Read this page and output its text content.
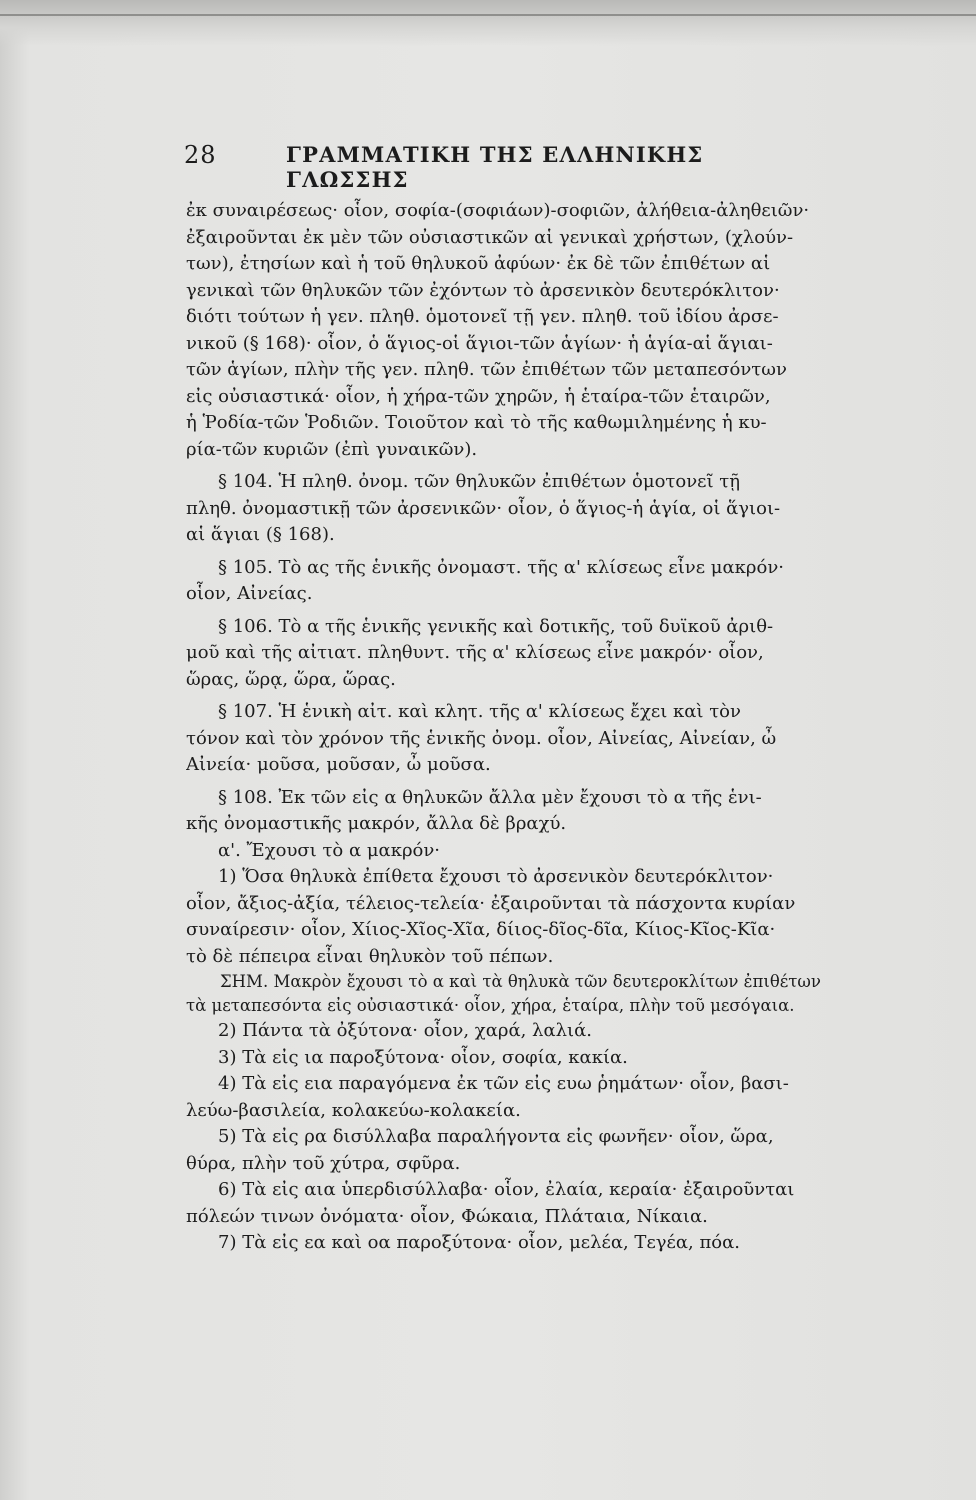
28	ΓΡΑΜΜΑΤΙΚΗ ΤΗΣ ΕΛΛΗΝΙΚΗΣ ΓΛΩΣΣΗΣ
ἐκ συναιρέσεως· οἷον, σοφία-(σοφιάων)-σοφιῶν, ἀλήθεια-ἀληθειῶν·
ἐξαιροῦνται ἐκ μὲν τῶν οὐσιαστικῶν αἱ γενικαὶ χρήστων, (χλούν-
των), ἐτησίων καὶ ἡ τοῦ θηλυκοῦ ἀφύων· ἐκ δὲ τῶν ἐπιθέτων αἱ
γενικαὶ τῶν θηλυκῶν τῶν ἐχόντων τὸ ἀρσενικὸν δευτερόκλιτον·
διότι τούτων ἡ γεν. πληθ. ὁμοτονεῖ τῇ γεν. πληθ. τοῦ ἰδίου ἀρσε-
νικοῦ (§ 168)· οἷον, ὁ ἅγιος-οἱ ἅγιοι-τῶν ἁγίων· ἡ ἁγία-αἱ ἅγιαι-
τῶν ἁγίων, πλὴν τῆς γεν. πληθ. τῶν ἐπιθέτων τῶν μεταπεσόντων
εἰς οὐσιαστικά· οἷον, ἡ χήρα-τῶν χηρῶν, ἡ ἑταίρα-τῶν ἑταιρῶν,
ἡ Ῥοδία-τῶν Ῥοδιῶν. Τοιοῦτον καὶ τὸ τῆς καθωμιλημένης ἡ κυ-
ρία-τῶν κυριῶν (ἐπὶ γυναικῶν).
§ 104. Ἡ πληθ. ὀνομ. τῶν θηλυκῶν ἐπιθέτων ὁμοτονεῖ τῇ
πληθ. ὀνομαστικῇ τῶν ἀρσενικῶν· οἷον, ὁ ἅγιος-ἡ ἁγία, οἱ ἅγιοι-
αἱ ἅγιαι (§ 168).
§ 105. Τὸ ας τῆς ἑνικῆς ὀνομαστ. τῆς α' κλίσεως εἶνε μακρόν·
οἷον, Αἰνείας.
§ 106. Τὸ α τῆς ἑνικῆς γενικῆς καὶ δοτικῆς, τοῦ δυϊκοῦ ἀριθ-
μοῦ καὶ τῆς αἰτιατ. πληθυντ. τῆς α' κλίσεως εἶνε μακρόν· οἷον,
ὥρας, ὥρᾳ, ὥρα, ὥρας.
§ 107. Ἡ ἑνικὴ αἰτ. καὶ κλητ. τῆς α' κλίσεως ἔχει καὶ τὸν
τόνον καὶ τὸν χρόνον τῆς ἑνικῆς ὀνομ. οἷον, Αἰνείας, Αἰνείαν, ὦ
Αἰνεία· μοῦσα, μοῦσαν, ὦ μοῦσα.
§ 108. Ἐκ τῶν εἰς α θηλυκῶν ἄλλα μὲν ἔχουσι τὸ α τῆς ἑνι-
κῆς ὀνομαστικῆς μακρόν, ἄλλα δὲ βραχύ.
α'. Ἔχουσι τὸ α μακρόν·
1) Ὅσα θηλυκὰ ἐπίθετα ἔχουσι τὸ ἀρσενικὸν δευτερόκλιτον·
οἷον, ἄξιος-ἀξία, τέλειος-τελεία· ἐξαιροῦνται τὰ πάσχοντα κυρίαν
συναίρεσιν· οἷον, Χίιος-Χῖος-Χῖα, δίιος-δῖος-δῖα, Κίιος-Κῖος-Κῖα·
τὸ δὲ πέπειρα εἶναι θηλυκὸν τοῦ πέπων.
ΣΗΜ. Μακρὸν ἔχουσι τὸ α καὶ τὰ θηλυκὰ τῶν δευτεροκλίτων ἐπιθέτων
τὰ μεταπεσόντα εἰς οὐσιαστικά· οἷον, χήρα, ἑταίρα, πλὴν τοῦ μεσόγαια.
2) Πάντα τὰ ὀξύτονα· οἷον, χαρά, λαλιά.
3) Τὰ εἰς ια παροξύτονα· οἷον, σοφία, κακία.
4) Τὰ εἰς εια παραγόμενα ἐκ τῶν εἰς ευω ῥημάτων· οἷον, βασι-
λεύω-βασιλεία, κολακεύω-κολακεία.
5) Τὰ εἰς ρα δισύλλαβα παραλήγοντα εἰς φωνῆεν· οἷον, ὥρα,
θύρα, πλὴν τοῦ χύτρα, σφῦρα.
6) Τὰ εἰς αια ὑπερδισύλλαβα· οἷον, ἐλαία, κεραία· ἐξαιροῦνται
πόλεών τινων ὀνόματα· οἷον, Φώκαια, Πλάταια, Νίκαια.
7) Τὰ εἰς εα καὶ οα παροξύτονα· οἷον, μελέα, Τεγέα, πόα.
